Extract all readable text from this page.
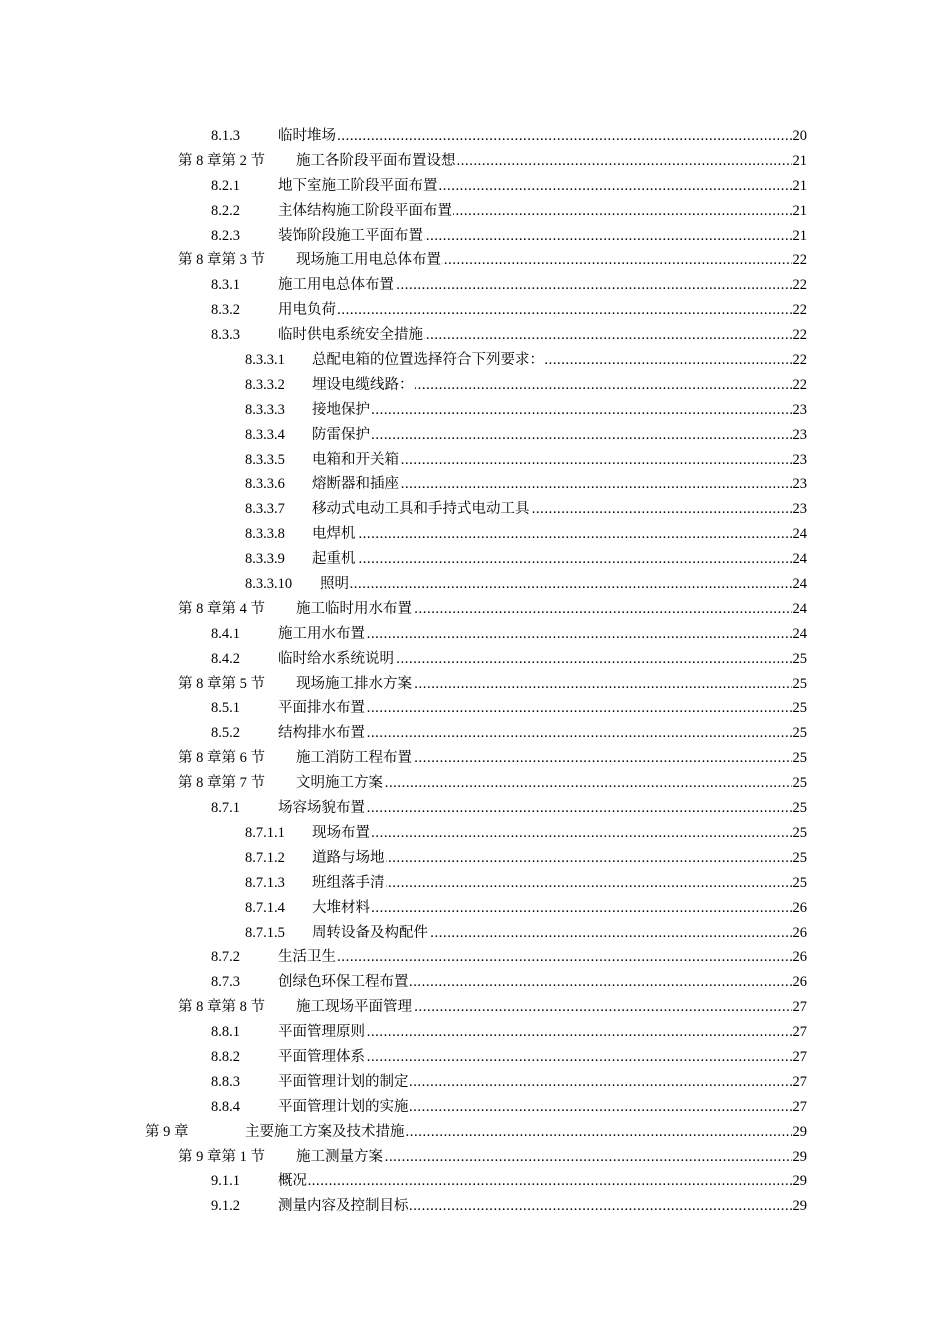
8.1.3	临时堆场 .....	20
第 8 章第 2 节 施工各阶段平面布置设想 .....	21
8.2.1	地下室施工阶段平面布置 .....	21
8.2.2	主体结构施工阶段平面布置 .....	21
8.2.3	装饰阶段施工平面布置 .....	21
第 8 章第 3 节 现场施工用电总体布置 .....	22
8.3.1	施工用电总体布置 .....	22
8.3.2	用电负荷 .....	22
8.3.3	临时供电系统安全措施 .....	22
8.3.3.1 总配电箱的位置选择符合下列要求： .....	22
8.3.3.2 埋设电缆线路： .....	22
8.3.3.3 接地保护 .....	23
8.3.3.4 防雷保护 .....	23
8.3.3.5 电箱和开关箱 .....	23
8.3.3.6 熔断器和插座 .....	23
8.3.3.7 移动式电动工具和手持式电动工具 .....	23
8.3.3.8 电焊机 .....	24
8.3.3.9 起重机 .....	24
8.3.3.10 照明 .....	24
第 8 章第 4 节 施工临时用水布置 .....	24
8.4.1	施工用水布置 .....	24
8.4.2	临时给水系统说明 .....	25
第 8 章第 5 节 现场施工排水方案 .....	25
8.5.1	平面排水布置 .....	25
8.5.2	结构排水布置 .....	25
第 8 章第 6 节 施工消防工程布置 .....	25
第 8 章第 7 节 文明施工方案 .....	25
8.7.1	场容场貌布置 .....	25
8.7.1.1 现场布置 .....	25
8.7.1.2 道路与场地 .....	25
8.7.1.3 班组落手清 .....	25
8.7.1.4 大堆材料 .....	26
8.7.1.5 周转设备及构配件 .....	26
8.7.2	生活卫生 .....	26
8.7.3	创绿色环保工程布置 .....	26
第 8 章第 8 节 施工现场平面管理 .....	27
8.8.1	平面管理原则 .....	27
8.8.2	平面管理体系 .....	27
8.8.3	平面管理计划的制定 .....	27
8.8.4	平面管理计划的实施 .....	27
第 9 章	主要施工方案及技术措施 .....	29
第 9 章第 1 节 施工测量方案 .....	29
9.1.1	概况 .....	29
9.1.2	测量内容及控制目标 .....	29
